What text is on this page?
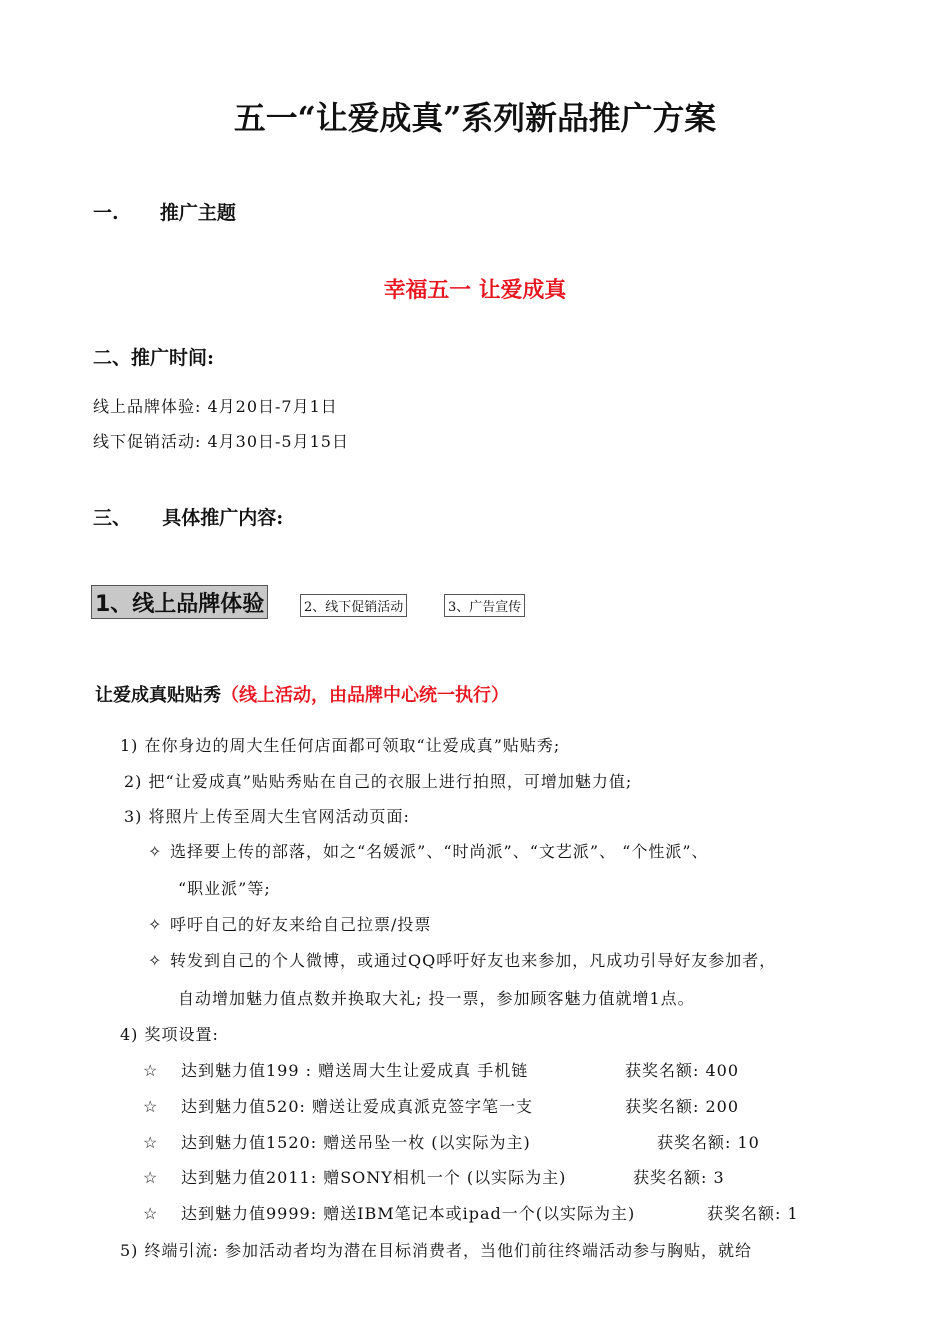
五一“让爱成真”系列新品推广方案
一. 推广主题
幸福五一 让爱成真
二、推广时间:
线上品牌体验: 4月20日-7月1日
线下促销活动: 4月30日-5月15日
三、 具体推广内容:
1、线上品牌体验	2、线下促销活动	3、广告宣传
让爱成真贴贴秀（线上活动，由品牌中心统一执行）
1) 在你身边的周大生任何店面都可领取“让爱成真”贴贴秀;
2) 把“让爱成真”贴贴秀贴在自己的衣服上进行拍照，可增加魅力值;
3) 将照片上传至周大生官网活动页面:
✧ 选择要上传的部落，如之“名媛派”、“时尚派”、“文艺派”、 “个性派”、
“职业派”等;
✧ 呼吁自己的好友来给自己拉票/投票
✧ 转发到自己的个人微博，或通过QQ呼吁好友也来参加，凡成功引导好友参加者，
自动增加魅力值点数并换取大礼; 投一票，参加顾客魅力值就增1点。
4) 奖项设置:
☆ 达到魅力值199 : 赠送周大生让爱成真 手机链	获奖名额: 400
☆ 达到魅力值520: 赠送让爱成真派克签字笔一支	获奖名额: 200
☆ 达到魅力值1520: 赠送吊坠一枚 (以实际为主)	获奖名额: 10
☆ 达到魅力值2011: 赠SONY相机一个 (以实际为主)	获奖名额: 3
☆ 达到魅力值9999: 赠送IBM笔记本或ipad一个(以实际为主)	获奖名额: 1
5) 终端引流: 参加活动者均为潜在目标消费者，当他们前往终端活动参与胸贴，就给
